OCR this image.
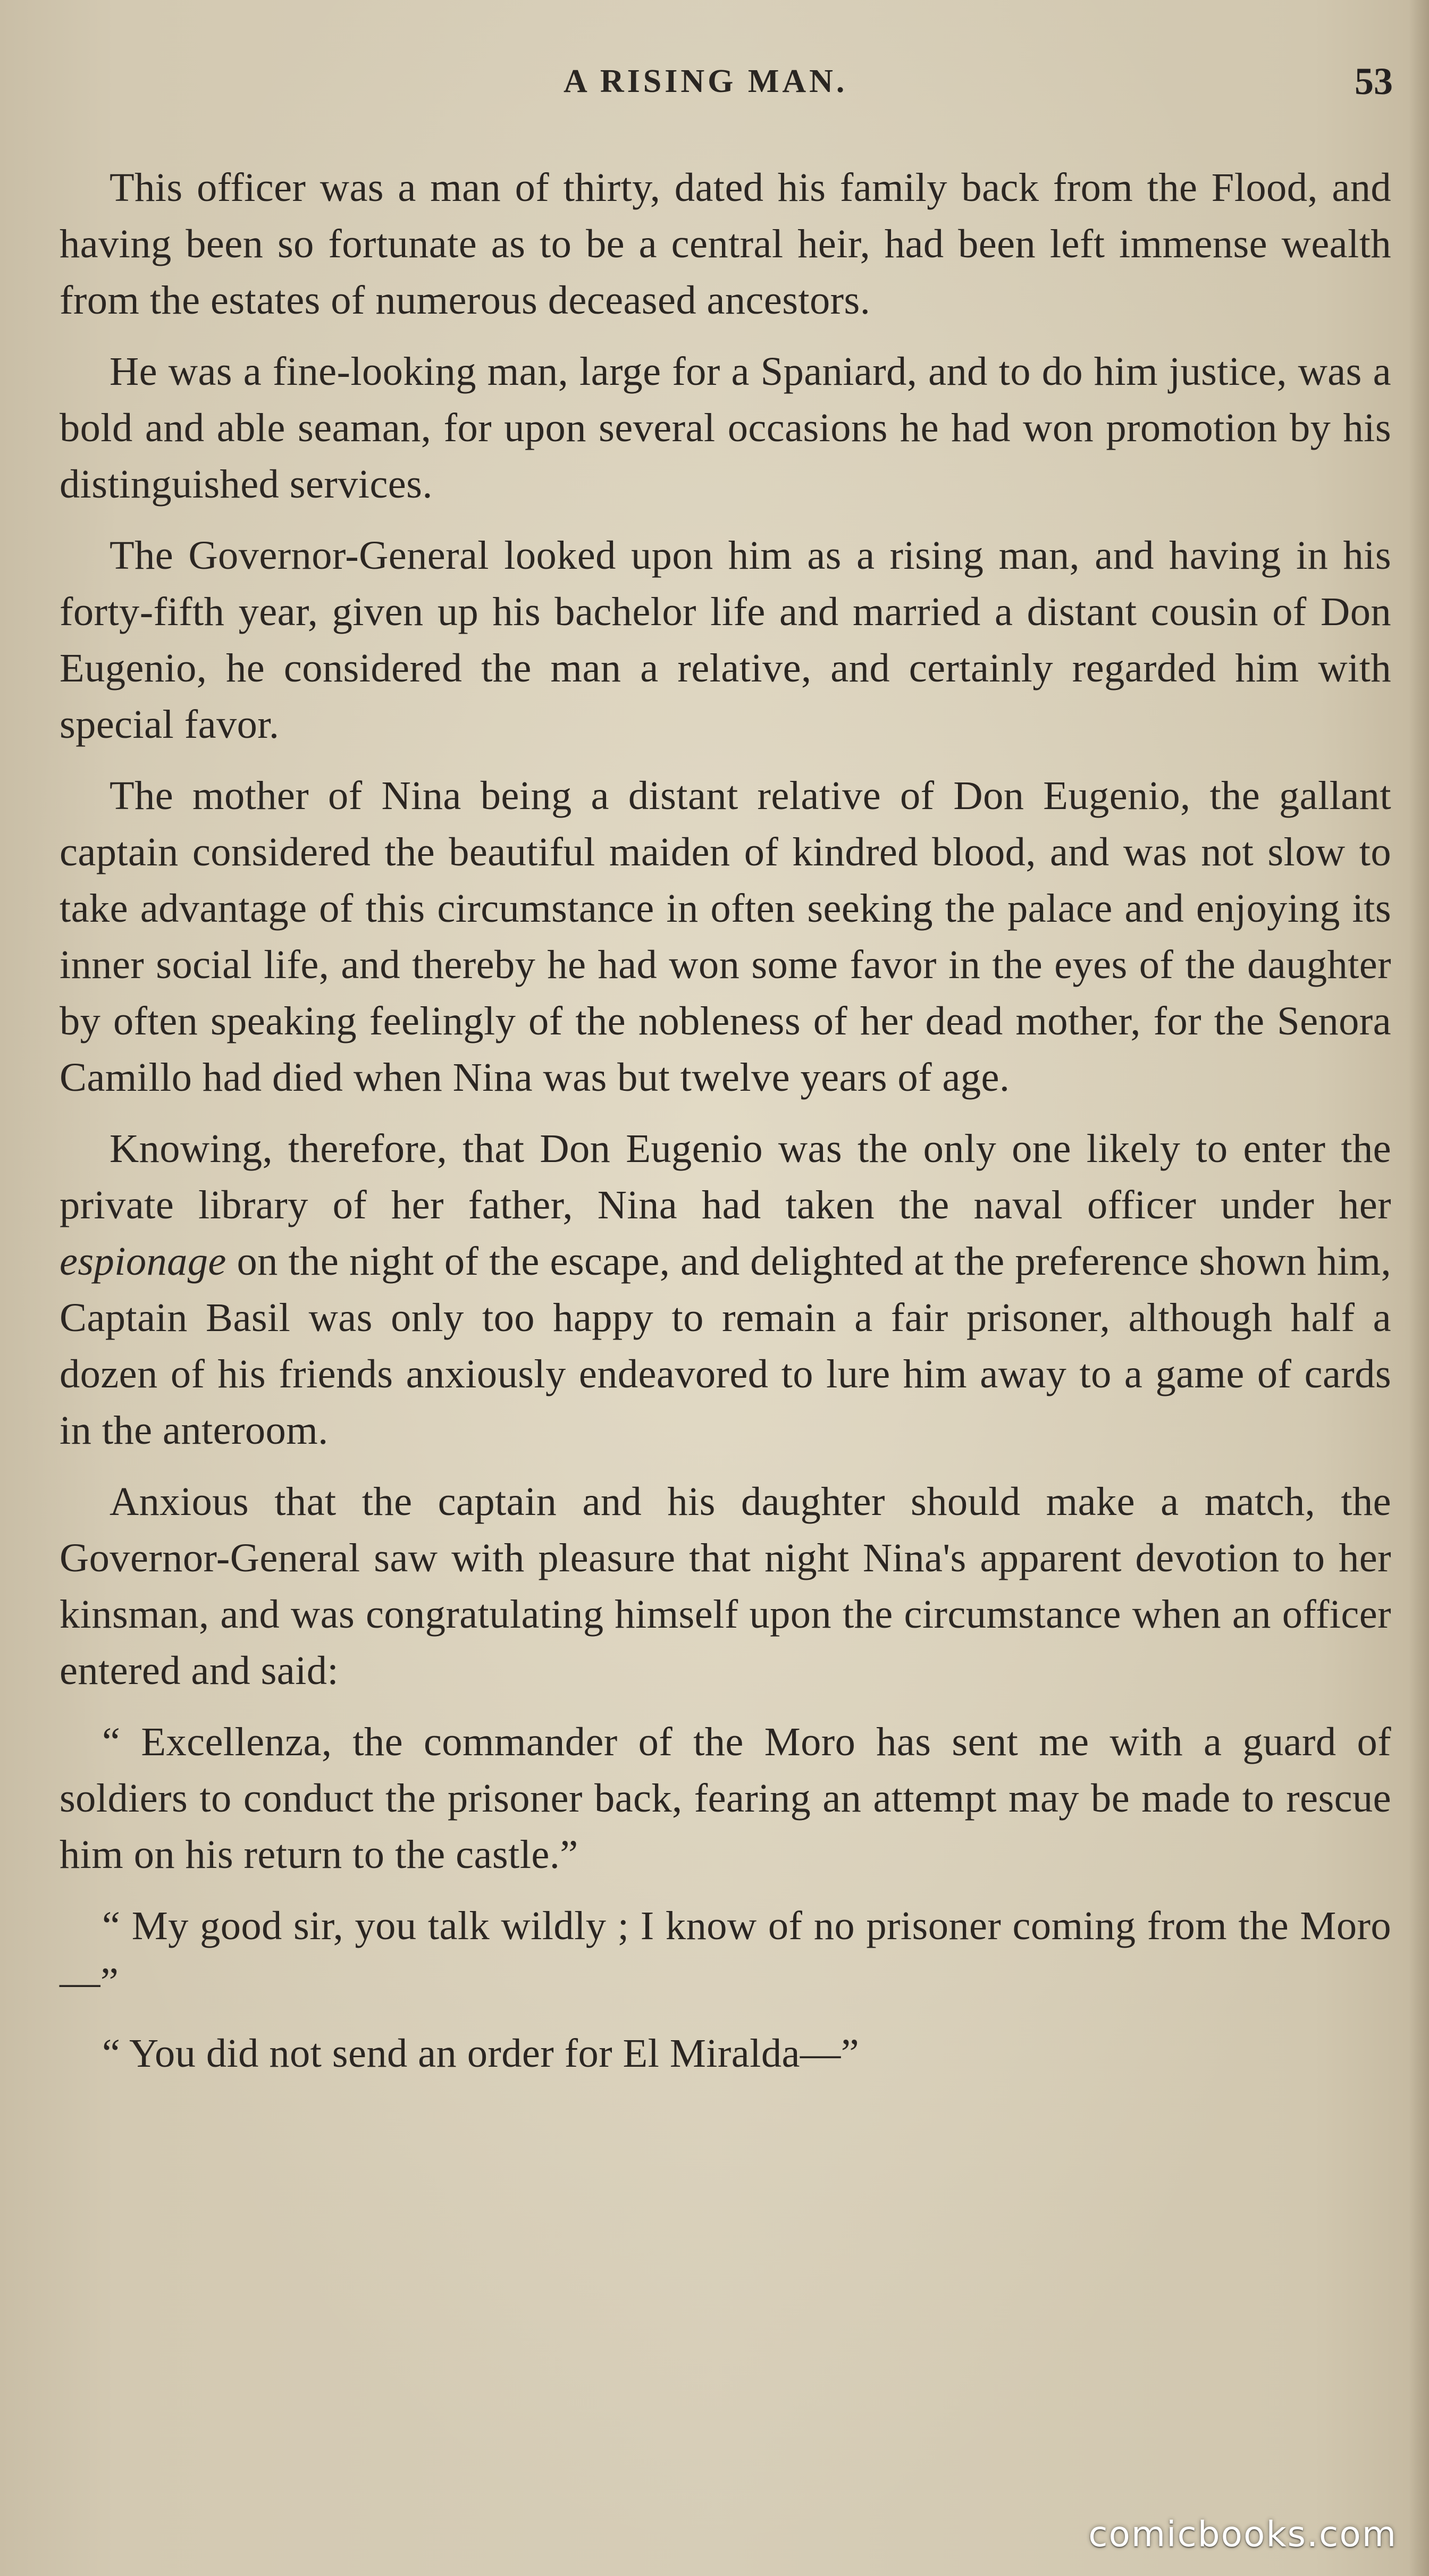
A RISING MAN.	53

This officer was a man of thirty, dated his family back from the Flood, and having been so fortunate as to be a central heir, had been left immense wealth from the estates of numerous deceased ancestors.

He was a fine-looking man, large for a Spaniard, and to do him justice, was a bold and able seaman, for upon several occasions he had won promotion by his distinguished services.

The Governor-General looked upon him as a rising man, and having in his forty-fifth year, given up his bachelor life and married a distant cousin of Don Eugenio, he considered the man a relative, and certainly regarded him with special favor.

The mother of Nina being a distant relative of Don Eugenio, the gallant captain considered the beautiful maiden of kindred blood, and was not slow to take advantage of this circumstance in often seeking the palace and enjoying its inner social life, and thereby he had won some favor in the eyes of the daughter by often speaking feelingly of the nobleness of her dead mother, for the Senora Camillo had died when Nina was but twelve years of age.

Knowing, therefore, that Don Eugenio was the only one likely to enter the private library of her father, Nina had taken the naval officer under her espionage on the night of the escape, and delighted at the preference shown him, Captain Basil was only too happy to remain a fair prisoner, although half a dozen of his friends anxiously endeavored to lure him away to a game of cards in the anteroom.

Anxious that the captain and his daughter should make a match, the Governor-General saw with pleasure that night Nina's apparent devotion to her kinsman, and was congratulating himself upon the circumstance when an officer entered and said:

“ Excellenza, the commander of the Moro has sent me with a guard of soldiers to conduct the prisoner back, fearing an attempt may be made to rescue him on his return to the castle.”

“ My good sir, you talk wildly ; I know of no prisoner coming from the Moro—”

“ You did not send an order for El Miralda—”

comicbooks.com
